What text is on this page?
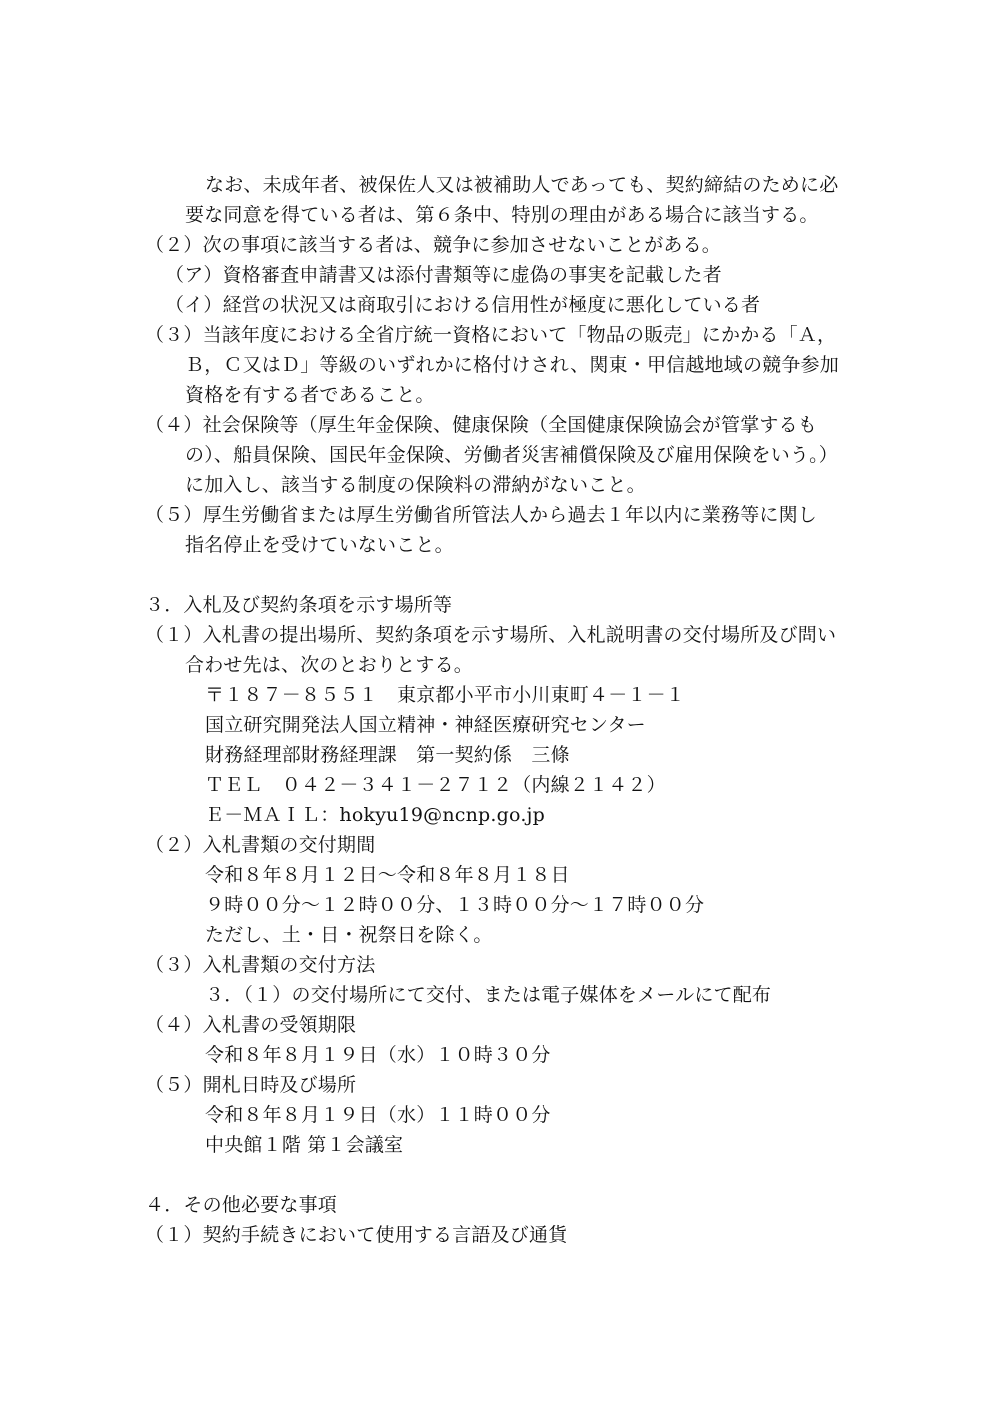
なお、未成年者、被保佐人又は被補助人であっても、契約締結のために必
要な同意を得ている者は、第６条中、特別の理由がある場合に該当する。
（２）次の事項に該当する者は、競争に参加させないことがある。
（ア）資格審査申請書又は添付書類等に虚偽の事実を記載した者
（イ）経営の状況又は商取引における信用性が極度に悪化している者
（３）当該年度における全省庁統一資格において「物品の販売」にかかる「Ａ，
Ｂ，Ｃ又はＤ」等級のいずれかに格付けされ、関東・甲信越地域の競争参加
資格を有する者であること。
（４）社会保険等（厚生年金保険、健康保険（全国健康保険協会が管掌するも
の）、船員保険、国民年金保険、労働者災害補償保険及び雇用保険をいう。）
に加入し、該当する制度の保険料の滞納がないこと。
（５）厚生労働省または厚生労働省所管法人から過去１年以内に業務等に関し
指名停止を受けていないこと。
３．入札及び契約条項を示す場所等
（１）入札書の提出場所、契約条項を示す場所、入札説明書の交付場所及び問い
合わせ先は、次のとおりとする。
〒１８７－８５５１　東京都小平市小川東町４－１－１
国立研究開発法人国立精神・神経医療研究センター
財務経理部財務経理課　第一契約係　三條
ＴＥＬ　０４２－３４１－２７１２（内線２１４２）
Ｅ－ＭＡＩＬ：hokyu19@ncnp.go.jp
（２）入札書類の交付期間
令和８年８月１２日～令和８年８月１８日
９時００分～１２時００分、１３時００分～１７時００分
ただし、土・日・祝祭日を除く。
（３）入札書類の交付方法
３．（１）の交付場所にて交付、または電子媒体をメールにて配布
（４）入札書の受領期限
令和８年８月１９日（水）１０時３０分
（５）開札日時及び場所
令和８年８月１９日（水）１１時００分
中央館１階 第１会議室
４．その他必要な事項
（１）契約手続きにおいて使用する言語及び通貨
